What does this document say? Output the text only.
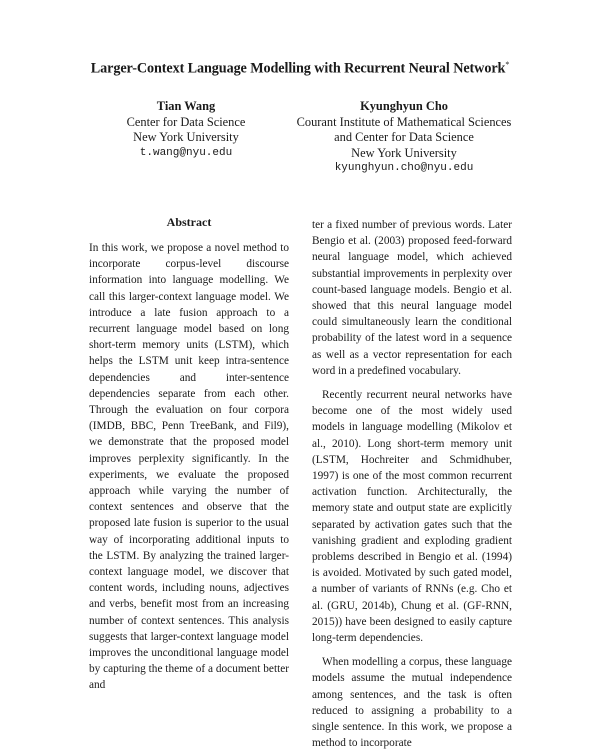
Larger-Context Language Modelling with Recurrent Neural Network*
Tian Wang
Center for Data Science
New York University
t.wang@nyu.edu
Kyunghyun Cho
Courant Institute of Mathematical Sciences
and Center for Data Science
New York University
kyunghyun.cho@nyu.edu
Abstract

In this work, we propose a novel method to incorporate corpus-level discourse information into language modelling. We call this larger-context language model. We introduce a late fusion approach to a recurrent language model based on long short-term memory units (LSTM), which helps the LSTM unit keep intra-sentence dependencies and inter-sentence dependencies separate from each other. Through the evaluation on four corpora (IMDB, BBC, Penn TreeBank, and Fil9), we demonstrate that the proposed model improves perplexity significantly. In the experiments, we evaluate the proposed approach while varying the number of context sentences and observe that the proposed late fusion is superior to the usual way of incorporating additional inputs to the LSTM. By analyzing the trained larger-context language model, we discover that content words, including nouns, adjectives and verbs, benefit most from an increasing number of context sentences. This analysis suggests that larger-context language model improves the unconditional language model by capturing the theme of a document better and

ter a fixed number of previous words. Later Bengio et al. (2003) proposed feed-forward neural language model, which achieved substantial improvements in perplexity over count-based language models. Bengio et al. showed that this neural language model could simultaneously learn the conditional probability of the latest word in a sequence as well as a vector representation for each word in a predefined vocabulary.

Recently recurrent neural networks have become one of the most widely used models in language modelling (Mikolov et al., 2010). Long short-term memory unit (LSTM, Hochreiter and Schmidhuber, 1997) is one of the most common recurrent activation function. Architecturally, the memory state and output state are explicitly separated by activation gates such that the vanishing gradient and exploding gradient problems described in Bengio et al. (1994) is avoided. Motivated by such gated model, a number of variants of RNNs (e.g. Cho et al. (GRU, 2014b), Chung et al. (GF-RNN, 2015)) have been designed to easily capture long-term dependencies.

When modelling a corpus, these language models assume the mutual independence among sentences, and the task is often reduced to assigning a probability to a single sentence. In this work, we propose a method to incorporate
